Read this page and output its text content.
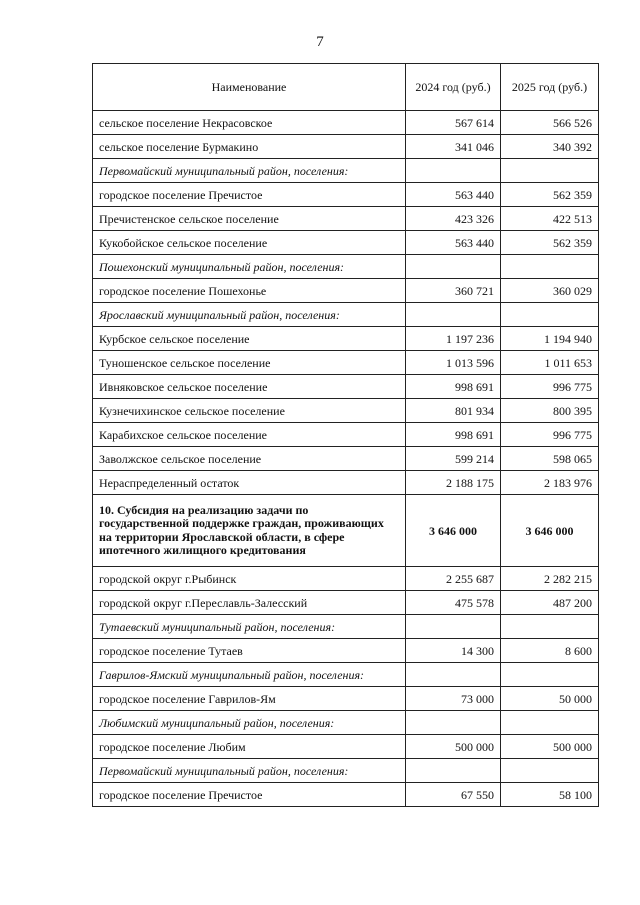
7
Наименование	2024 год (руб.)	2025 год (руб.)
сельское поселение Некрасовское	567 614	566 526
сельское поселение Бурмакино	341 046	340 392
Первомайский муниципальный район, поселения:		
городское поселение Пречистое	563 440	562 359
Пречистенское сельское поселение	423 326	422 513
Кукобойское сельское поселение	563 440	562 359
Пошехонский муниципальный район, поселения:		
городское поселение Пошехонье	360 721	360 029
Ярославский муниципальный район, поселения:		
Курбское сельское поселение	1 197 236	1 194 940
Туношенское сельское поселение	1 013 596	1 011 653
Ивняковское сельское поселение	998 691	996 775
Кузнечихинское сельское поселение	801 934	800 395
Карабихское сельское поселение	998 691	996 775
Заволжское сельское поселение	599 214	598 065
Нераспределенный остаток	2 188 175	2 183 976
10. Субсидия на реализацию задачи по государственной поддержке граждан, проживающих на территории Ярославской области, в сфере ипотечного жилищного кредитования	3 646 000	3 646 000
городской округ г.Рыбинск	2 255 687	2 282 215
городской округ г.Переславль-Залесский	475 578	487 200
Тутаевский муниципальный район, поселения:		
городское поселение Тутаев	14 300	8 600
Гаврилов-Ямский муниципальный район, поселения:		
городское поселение Гаврилов-Ям	73 000	50 000
Любимский муниципальный район, поселения:		
городское поселение Любим	500 000	500 000
Первомайский муниципальный район, поселения:		
городское поселение Пречистое	67 550	58 100
